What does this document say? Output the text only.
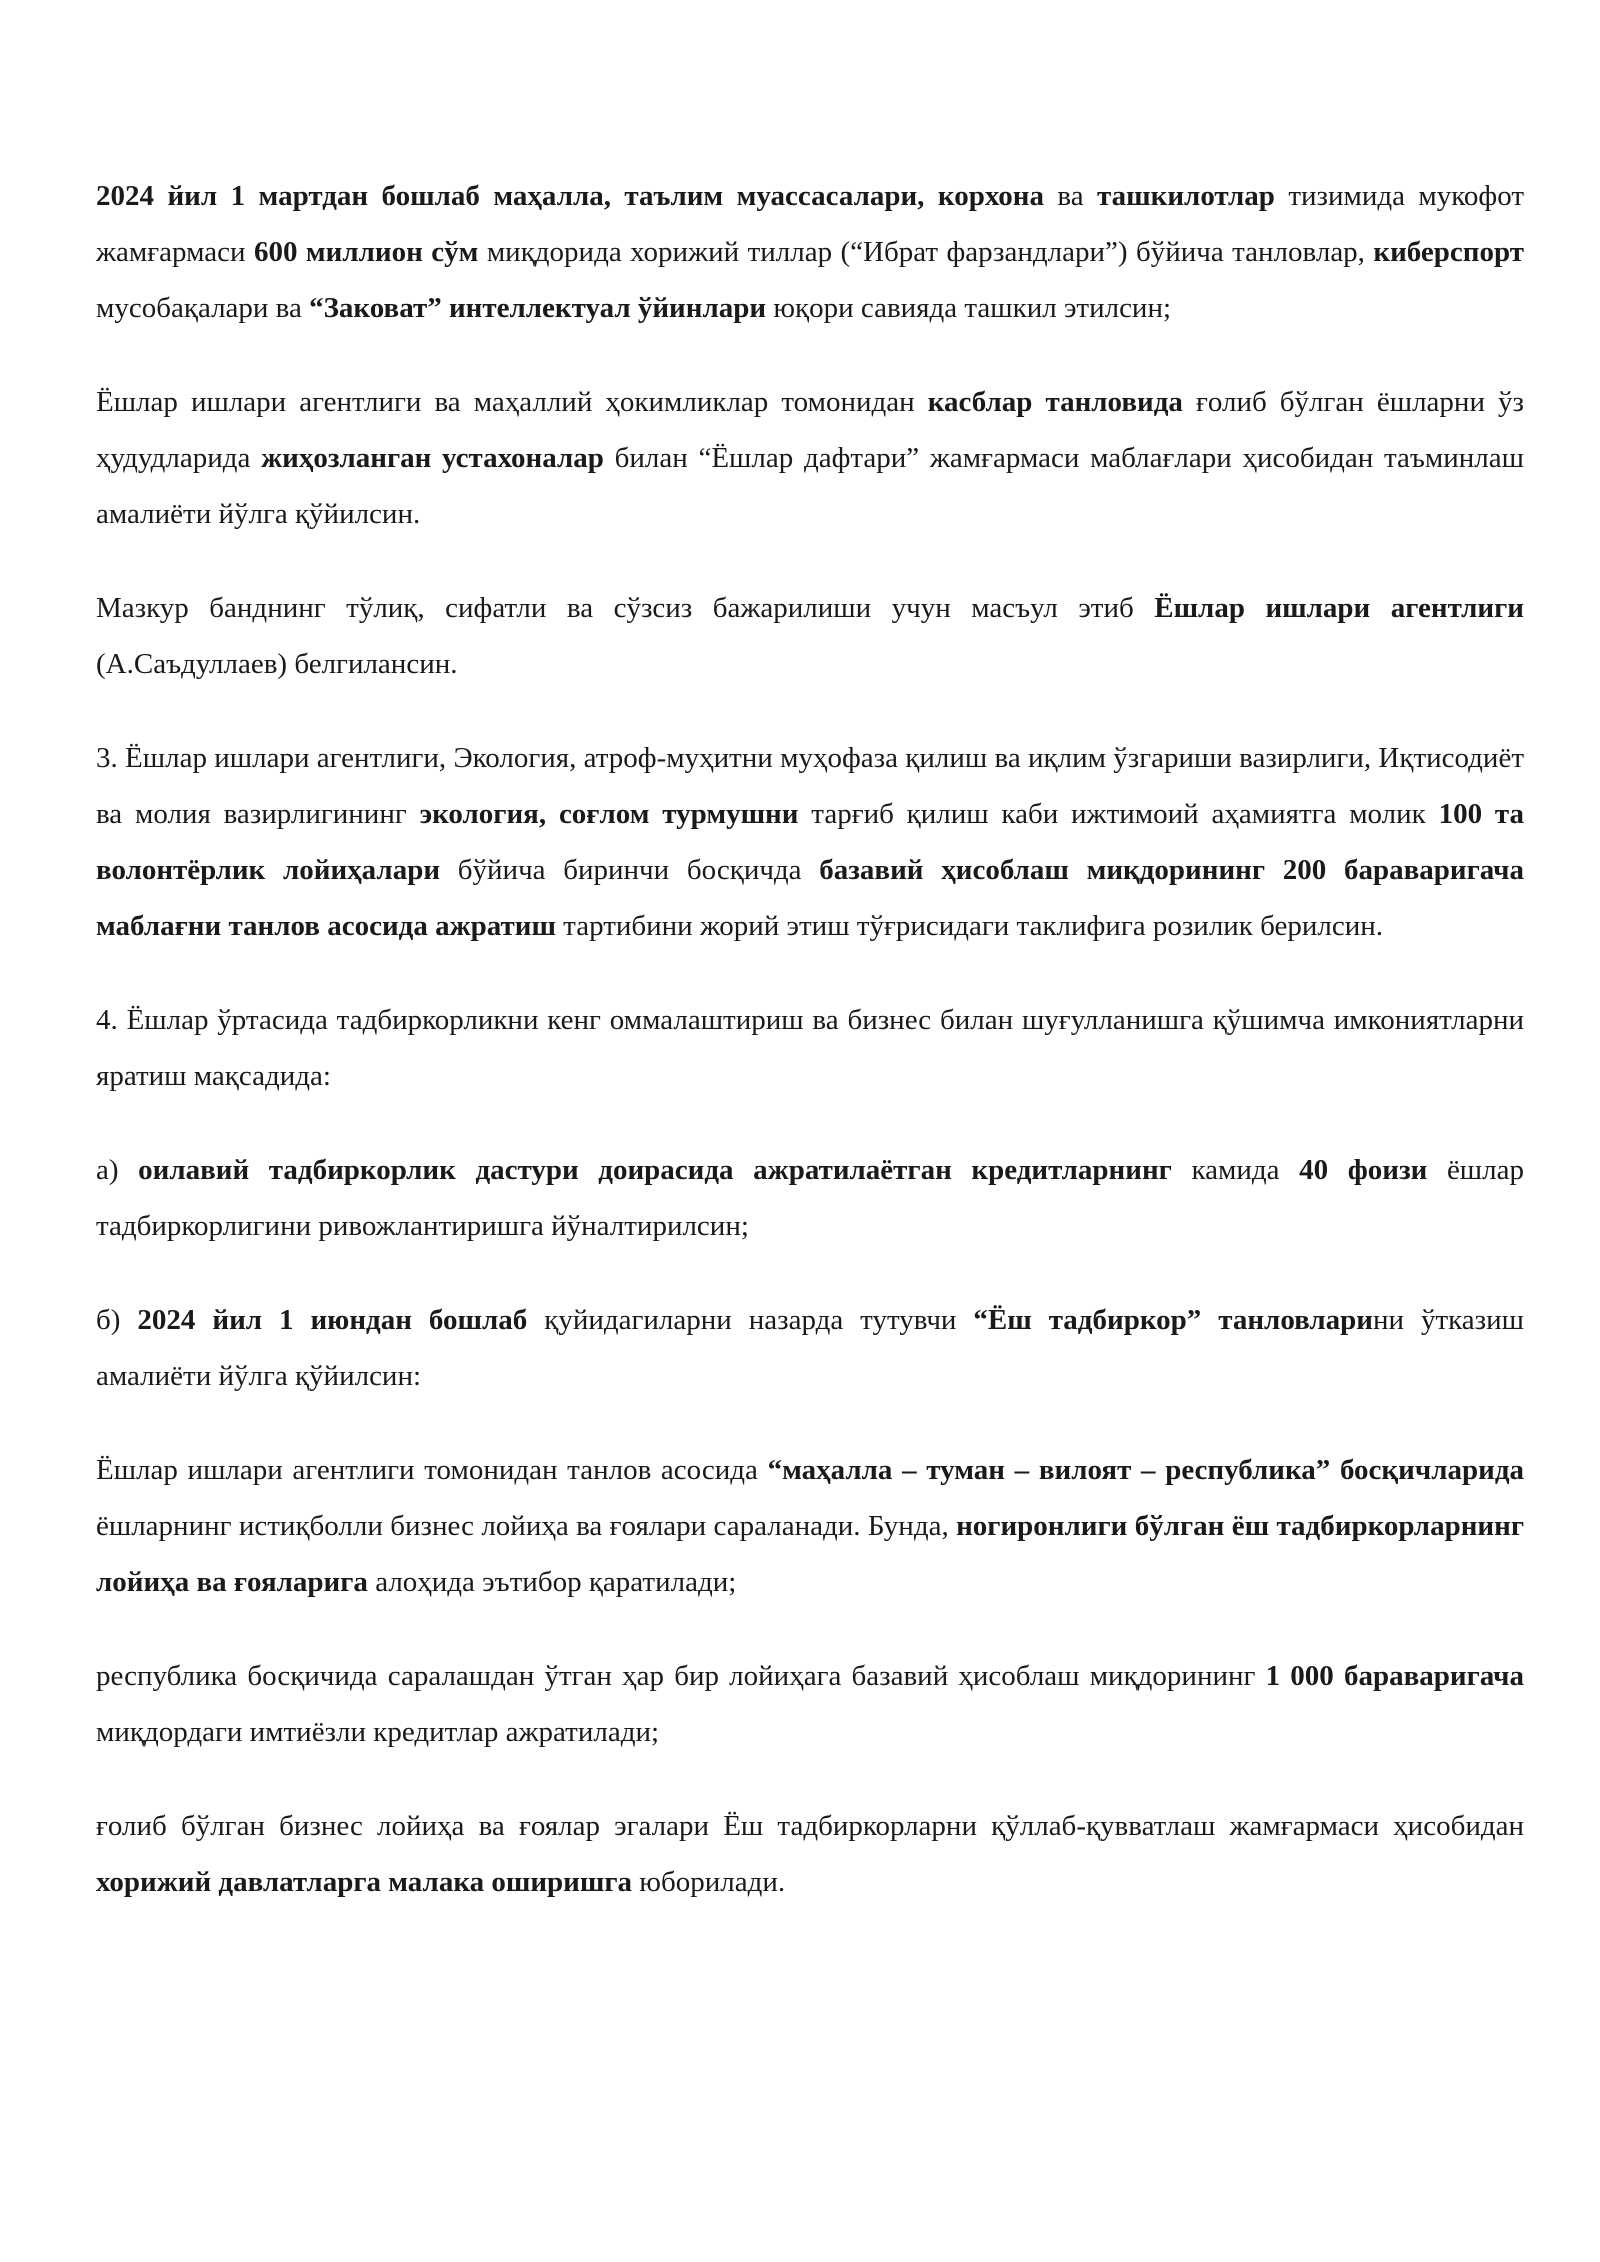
2024 йил 1 мартдан бошлаб маҳалла, таълим муассасалари, корхона ва ташкилотлар тизимида мукофот жамғармаси 600 миллион сўм миқдорида хорижий тиллар (“Ибрат фарзандлари”) бўйича танловлар, киберспорт мусобақалари ва “Заковат” интеллектуал ўйинлари юқори савияда ташкил этилсин;

Ёшлар ишлари агентлиги ва маҳаллий ҳокимликлар томонидан касблар танловида ғолиб бўлган ёшларни ўз ҳудудларида жиҳозланган устахоналар билан “Ёшлар дафтари” жамғармаси маблағлари ҳисобидан таъминлаш амалиёти йўлга қўйилсин.

Мазкур банднинг тўлиқ, сифатли ва сўзсиз бажарилиши учун масъул этиб Ёшлар ишлари агентлиги (А.Саъдуллаев) белгилансин.

3. Ёшлар ишлари агентлиги, Экология, атроф-муҳитни муҳофаза қилиш ва иқлим ўзгариши вазирлиги, Иқтисодиёт ва молия вазирлигининг экология, соғлом турмушни тарғиб қилиш каби ижтимоий аҳамиятга молик 100 та волонтёрлик лойиҳалари бўйича биринчи босқичда базавий ҳисоблаш миқдорининг 200 бараваригача маблағни танлов асосида ажратиш тартибини жорий этиш тўғрисидаги таклифига розилик берилсин.

4. Ёшлар ўртасида тадбиркорликни кенг оммалаштириш ва бизнес билан шуғулланишга қўшимча имкониятларни яратиш мақсадида:

а) оилавий тадбиркорлик дастури доирасида ажратилаётган кредитларнинг камида 40 фоизи ёшлар тадбиркорлигини ривожлантиришга йўналтирилсин;

б) 2024 йил 1 июндан бошлаб қуйидагиларни назарда тутувчи “Ёш тадбиркор” танловларини ўтказиш амалиёти йўлга қўйилсин:

Ёшлар ишлари агентлиги томонидан танлов асосида “маҳалла – туман – вилоят – республика” босқичларида ёшларнинг истиқболли бизнес лойиҳа ва ғоялари сараланади. Бунда, ногиронлиги бўлган ёш тадбиркорларнинг лойиҳа ва ғояларига алоҳида эътибор қаратилади;

республика босқичида саралашдан ўтган ҳар бир лойиҳага базавий ҳисоблаш миқдорининг 1 000 бараваригача миқдордаги имтиёзли кредитлар ажратилади;

ғолиб бўлган бизнес лойиҳа ва ғоялар эгалари Ёш тадбиркорларни қўллаб-қувватлаш жамғармаси ҳисобидан хорижий давлатларга малака оширишга юборилади.
